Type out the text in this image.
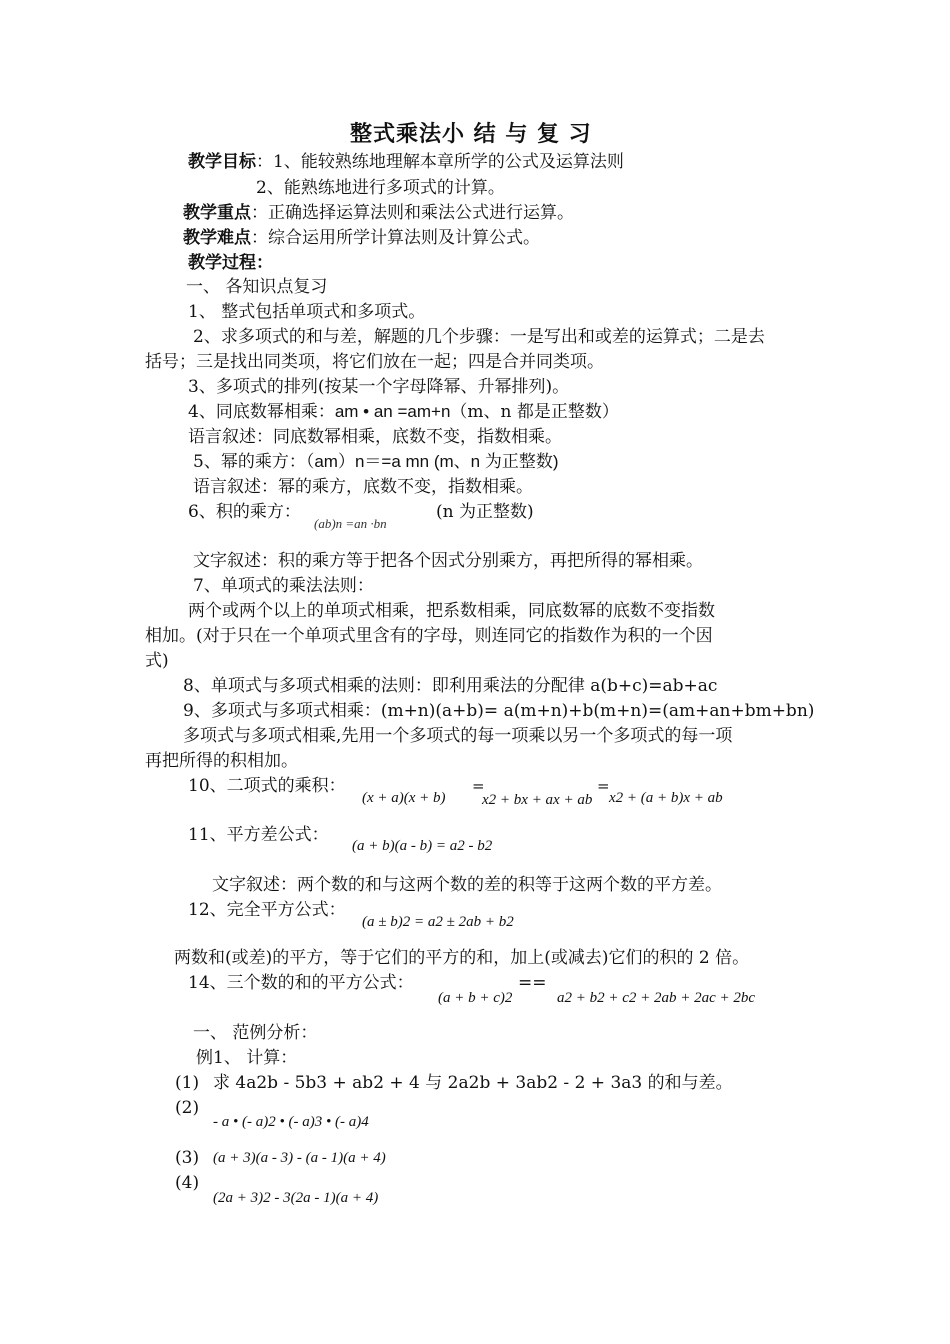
整式乘法小 结 与 复 习
教学目标：1、能较熟练地理解本章所学的公式及运算法则
2、能熟练地进行多项式的计算。
教学重点：正确选择运算法则和乘法公式进行运算。
教学难点：综合运用所学计算法则及计算公式。
教学过程：
一、 各知识点复习
1、 整式包括单项式和多项式。
2、求多项式的和与差，解题的几个步骤：一是写出和或差的运算式；二是去
括号；三是找出同类项，将它们放在一起；四是合并同类项。
3、多项式的排列(按某一个字母降幂、升幂排列)。
4、同底数幂相乘：am • an =am+n（m、n 都是正整数）
语言叙述：同底数幂相乘，底数不变，指数相乘。
5、幂的乘方：（am）n＝=a mn (m、n 为正整数)
语言叙述：幂的乘方，底数不变，指数相乘。
6、积的乘方：
(ab)n =an ·bn
(n 为正整数)
文字叙述：积的乘方等于把各个因式分别乘方，再把所得的幂相乘。
7、单项式的乘法法则：
两个或两个以上的单项式相乘，把系数相乘，同底数幂的底数不变指数
相加。(对于只在一个单项式里含有的字母，则连同它的指数作为积的一个因
式)
8、单项式与多项式相乘的法则：即利用乘法的分配律 a(b+c)=ab+ac
9、多项式与多项式相乘：(m+n)(a+b)= a(m+n)+b(m+n)=(am+an+bm+bn)
多项式与多项式相乘,先用一个多项式的每一项乘以另一个多项式的每一项
再把所得的积相加。
10、二项式的乘积：
(x + a)(x + b)
=
x2 + bx + ax + ab
=
x2 + (a + b)x + ab
11、平方差公式：
(a + b)(a - b) = a2 - b2
文字叙述：两个数的和与这两个数的差的积等于这两个数的平方差。
12、完全平方公式：
(a ± b)2 = a2 ± 2ab + b2
两数和(或差)的平方，等于它们的平方的和，加上(或减去)它们的积的 2 倍。
14、三个数的和的平方公式：
(a + b + c)2
==
a2 + b2 + c2 + 2ab + 2ac + 2bc
一、 范例分析：
例1、 计算：
(1) 求 4a2b - 5b3 + ab2 + 4 与 2a2b + 3ab2 - 2 + 3a3 的和与差。
(2)
- a • (- a)2 • (- a)3 • (- a)4
(3) (a + 3)(a - 3) - (a - 1)(a + 4)
(4)
(2a + 3)2 - 3(2a - 1)(a + 4)
